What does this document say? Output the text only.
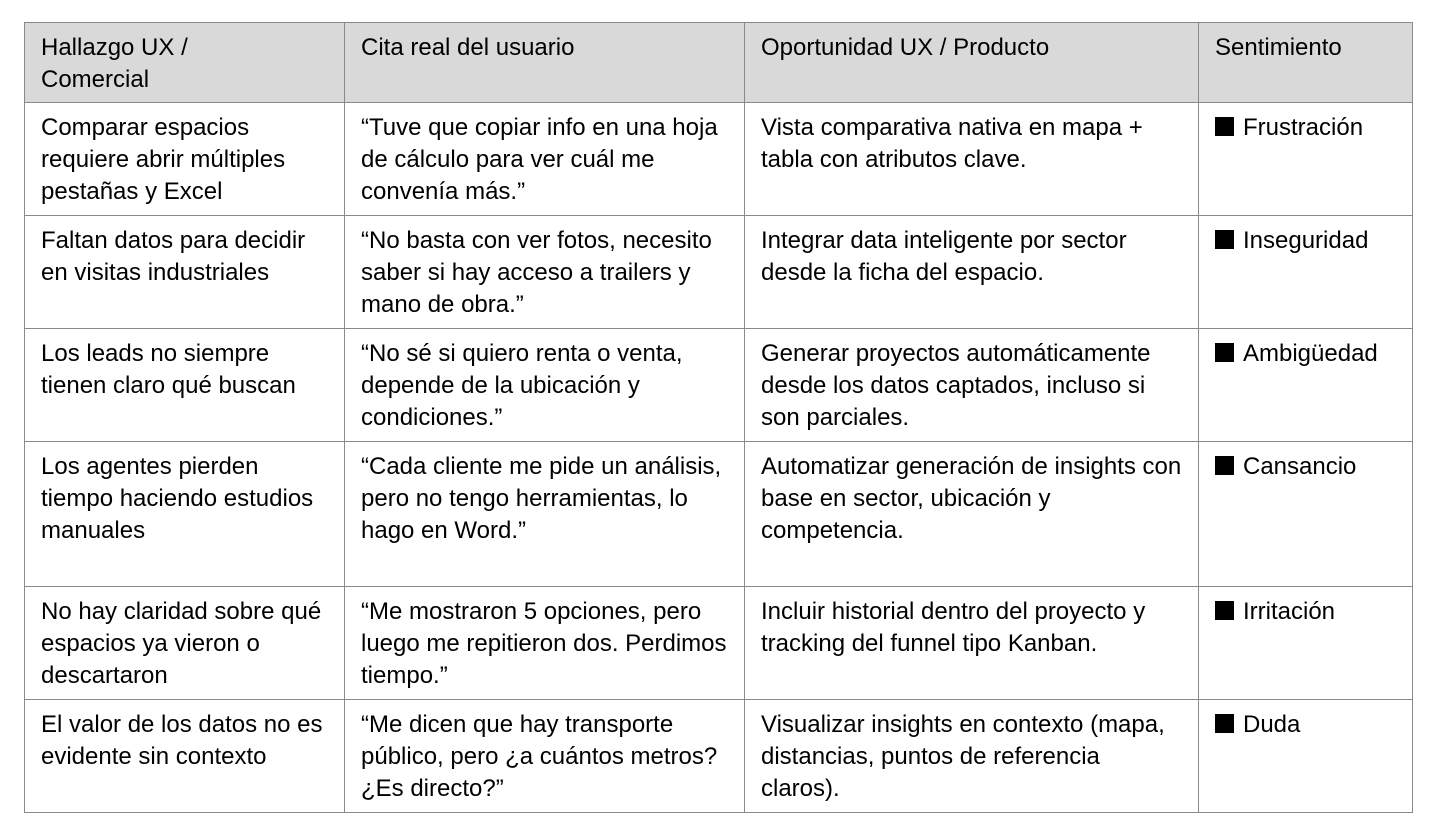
Hallazgo UX /
Comercial	Cita real del usuario	Oportunidad UX / Producto	Sentimiento
Comparar espacios requiere abrir múltiples pestañas y Excel	“Tuve que copiar info en una hoja de cálculo para ver cuál me convenía más.”	Vista comparativa nativa en mapa + tabla con atributos clave.	Frustración
Faltan datos para decidir en visitas industriales	“No basta con ver fotos, necesito saber si hay acceso a trailers y mano de obra.”	Integrar data inteligente por sector desde la ficha del espacio.	Inseguridad
Los leads no siempre tienen claro qué buscan	“No sé si quiero renta o venta, depende de la ubicación y condiciones.”	Generar proyectos automáticamente desde los datos captados, incluso si son parciales.	Ambigüedad
Los agentes pierden tiempo haciendo estudios manuales	“Cada cliente me pide un análisis, pero no tengo herramientas, lo hago en Word.”	Automatizar generación de insights con base en sector, ubicación y competencia.	Cansancio
No hay claridad sobre qué espacios ya vieron o descartaron	“Me mostraron 5 opciones, pero luego me repitieron dos. Perdimos tiempo.”	Incluir historial dentro del proyecto y tracking del funnel tipo Kanban.	Irritación
El valor de los datos no es evidente sin contexto	“Me dicen que hay transporte público, pero ¿a cuántos metros? ¿Es directo?”	Visualizar insights en contexto (mapa, distancias, puntos de referencia claros).	Duda
